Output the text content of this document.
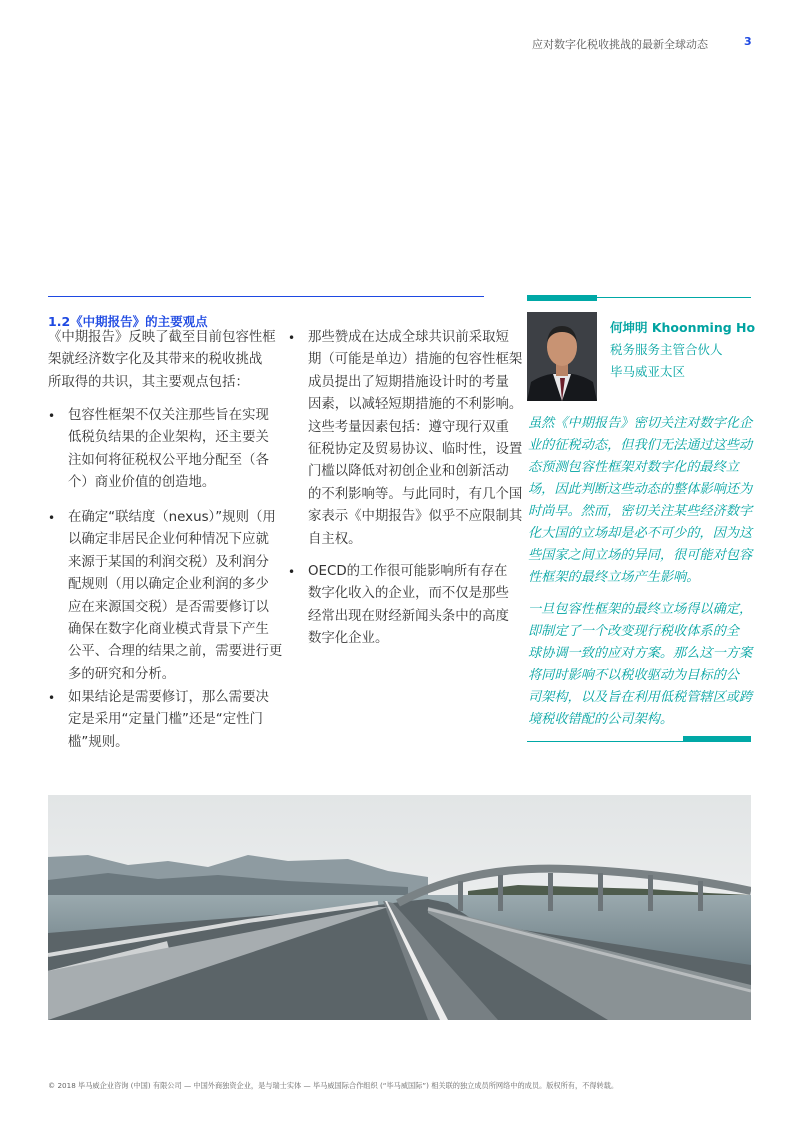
应对数字化税收挑战的最新全球动态	3
1.2《中期报告》的主要观点
《中期报告》反映了截至目前包容性框
架就经济数字化及其带来的税收挑战
所取得的共识，其主要观点包括：
• 包容性框架不仅关注那些旨在实现
低税负结果的企业架构，还主要关
注如何将征税权公平地分配至（各
个）商业价值的创造地。
• 在确定“联结度（nexus）”规则（用
以确定非居民企业何种情况下应就
来源于某国的利润交税）及利润分
配规则（用以确定企业利润的多少
应在来源国交税）是否需要修订以
确保在数字化商业模式背景下产生
公平、合理的结果之前，需要进行更
多的研究和分析。
• 如果结论是需要修订，那么需要决
定是采用“定量门槛”还是“定性门
槛”规则。
• 那些赞成在达成全球共识前采取短
期（可能是单边）措施的包容性框架
成员提出了短期措施设计时的考量
因素，以减轻短期措施的不利影响。
这些考量因素包括：遵守现行双重
征税协定及贸易协议、临时性，设置
门槛以降低对初创企业和创新活动
的不利影响等。与此同时，有几个国
家表示《中期报告》似乎不应限制其
自主权。
• OECD的工作很可能影响所有存在
数字化收入的企业，而不仅是那些
经常出现在财经新闻头条中的高度
数字化企业。
何坤明 Khoonming Ho
税务服务主管合伙人
毕马威亚太区
虽然《中期报告》密切关注对数字化企
业的征税动态，但我们无法通过这些动
态预测包容性框架对数字化的最终立
场，因此判断这些动态的整体影响还为
时尚早。然而，密切关注某些经济数字
化大国的立场却是必不可少的，因为这
些国家之间立场的异同，很可能对包容
性框架的最终立场产生影响。
一旦包容性框架的最终立场得以确定，
即制定了一个改变现行税收体系的全
球协调一致的应对方案。那么这一方案
将同时影响不以税收驱动为目标的公
司架构，以及旨在利用低税管辖区或跨
境税收错配的公司架构。
© 2018 毕马威企业咨询 (中国) 有限公司 — 中国外商独资企业，是与瑞士实体 — 毕马威国际合作组织 (“毕马威国际”) 相关联的独立成员所网络中的成员。版权所有，不得转载。
